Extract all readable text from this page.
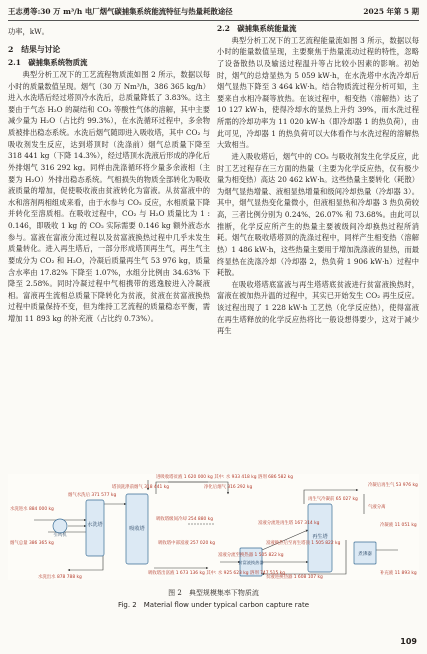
王志勇等:30 万 m³/h 电厂烟气碳捕集系统能流特征与热量耗散途径	2025 年第 5 期

功率，kW。

2　结果与讨论
2.1　碳捕集系统物质流

典型分析工况下的工艺流程物质流如图 2 所示，数据以每小时的质量数值呈现。烟气（30 万 Nm³/h，386 365 kg/h）进入水洗塔后经过塔顶冷水洗后，总质量降低了 3.83%。这主要由于气态 H₂O 的凝结和 CO₂ 等酸性气体的溶解，其中主要减少量为 H₂O（占比约 99.3%），在水洗循环过程中，多余物质被排出稳态系统。水洗后烟气随即进入吸收塔，其中 CO₂ 与吸收剂发生反应，达到塔顶时（洗涤前）烟气总质量下降至 318 441 kg（下降 14.3%），经过塔顶水洗液后形成的净化后外排烟气 316 292 kg。同样由洗涤循环将少量多余液相（主要为 H₂O）外排出稳态系统。气相损失的物质全部转化为吸收液质量的增加，促使吸收液由贫液转化为富液。从贫富液中的水和溶剂两相组成来看，由于水参与 CO₂ 反应，水相质量下降并转化至溶质相。在吸收过程中，CO₂ 与 H₂O 质量比为 1 : 0.146，即吸收 1 kg 的 CO₂ 实际需要 0.146 kg 额外液态水参与。富液在富液分流过程以及贫富液换热过程中几乎未发生质量转化。进入再生塔后，一部分形成塔顶再生气，再生气主要成分为 CO₂ 和 H₂O，冷凝后质量再生气 53 976 kg，质量含水率由 17.82% 下降至 1.07%，水组分比例由 34.63% 下降至 2.58%。同时冷凝过程中气相携带的逃逸胺进入冷凝液相。富液再生流相总质量下降转化为贫液，贫液在贫富液换热过程中质量保持不变，但为维持工艺流程的质量稳态平衡，需增加 11 893 kg 的补充液（占比约 0.73%）。

2.2　碳捕集系统能量流

典型分析工况下的工艺流程能量流如图 3 所示，数据以每小时的能量数值呈现，主要聚焦于热量流动过程的特性，忽略了设备散热以及输送过程温升等占比较小因素的影响。初始时，烟气的总焓显热为 5 059 kW·h，在水洗塔中水洗冷却后烟气显热下降至 3 464 kW·h。结合物质流过程分析可知，主要来自水相冷凝等放热。在该过程中，相变热（溶解热）达了 10 127 kW·h，使得冷却水的显热上升约 39%，而水洗过程所需的冷却功率为 11 020 kW·h（即冷却器 1 的热负荷），由此可见，冷却器 1 的热负荷可以大体看作与水洗过程的溶解热大致相当。

进入吸收塔后，烟气中的 CO₂ 与吸收剂发生化学反应，此时工艺过程存在三方面的热量（主要为化学反应热，仅有极少量为相变热）高达 20 462 kW·h。这些热量主要转化（耗散）为烟气显热增量、液相显热增量和级间冷却热量（冷却器 3）。其中，烟气显热变化量微小，但液相显热和冷却器 3 热负荷较高，三者比例分别为 0.24%、26.07% 和 73.68%。由此可以推断，化学反应所产生的热量主要被级间冷却换热过程所消耗。烟气在吸收塔塔顶的洗涤过程中，同样产生相变热（溶解热）1 486 kW·h，这些热量主要用于增加洗涤液的显热，而最终显热在洗涤冷却（冷却器 2，热负荷 1 906 kW·h）过程中耗散。

在吸收塔塔底富液与再生塔塔底贫液进行贫富液换热时，富液在被加热升温的过程中，其实已开始发生 CO₂ 再生反应。该过程出现了 1 228 kW·h 工艺热（化学反应热），使得富液在再生塔释放的化学反应热将比一般设想得要少，这对于减少再生

水洗塔
吸收塔
再生塔
引风机
贫富液换热器
煮沸器
烟气总量 386 365 kg
水洗进水 884 000 kg
烟气水洗后 371 577 kg
水洗出水 878 788 kg
塔顶洗涤前烟气 318 441 kg	净化后烟气 316 292 kg
进吸收塔贫液 1 620 000 kg 其中: 水 933 418 kg 溶剂 686 582 kg
吸收塔中部富液 257 020 kg
吸收塔级间冷却 254 880 kg
吸收塔出富液 1 673 136 kg 其中: 水 925 623 kg 溶剂 747 515 kg
富液分流进再生塔 167 314 kg
富液分流至换热器 1 505 822 kg
富液换热后至再生塔顶 1 505 822 kg
贫液进换热器 1 608 107 kg
再生气冷凝前 65 027 kg
冷凝后再生气 53 976 kg
冷凝液 11 051 kg
补充液 11 893 kg
气液分离
图 2　典型规模集率下物质流
Fig. 2　Material flow under typical carbon capture rate
109
